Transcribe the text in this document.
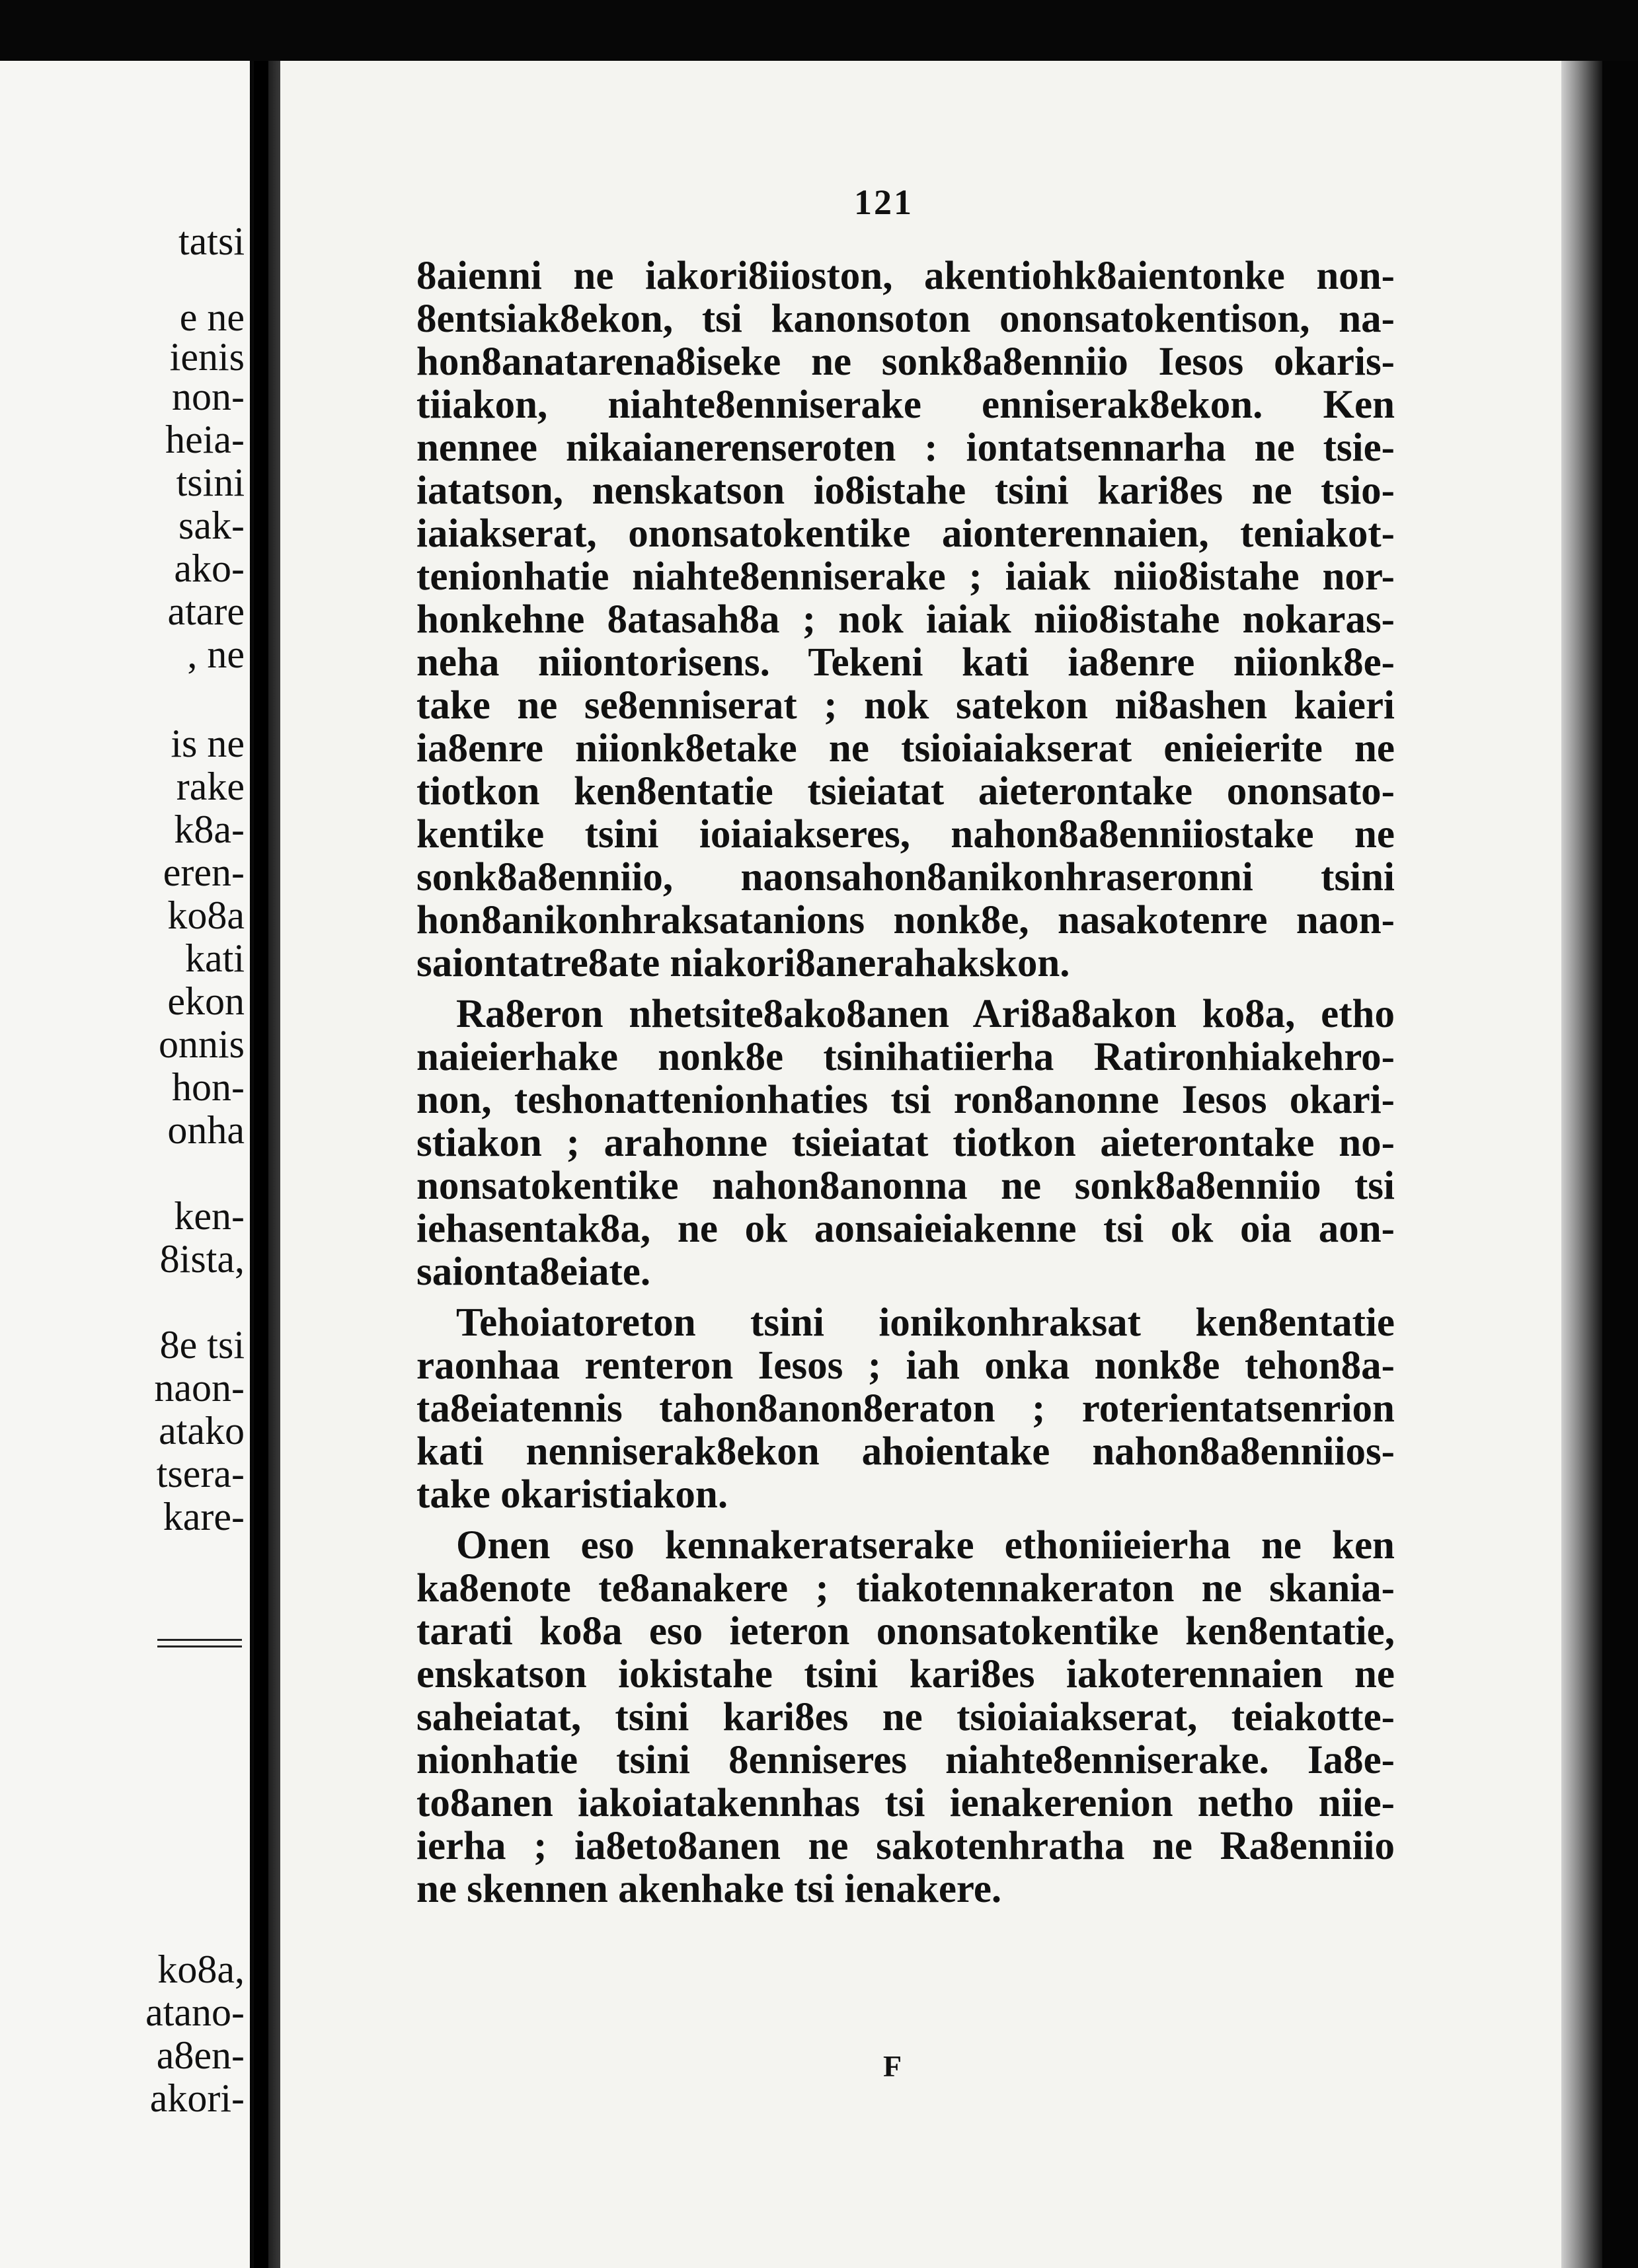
tatsi
e ne
ienis
non-
heia-
tsini
sak-
ako-
atare
, ne
is ne
rake
k8a-
eren-
ko8a
kati
ekon
onnis
hon-
onha
ken-
8ista,
8e tsi
naon-
atako
tsera-
kare-
ko8a,
atano-
a8en-
akori-
121
8aienni ne iakori8iioston, akentiohk8aientonke non-
8entsiak8ekon, tsi kanonsoton ononsatokentison, na-
hon8anatarena8iseke ne sonk8a8enniio Iesos okaris-
tiiakon, niahte8enniserake enniserak8ekon. Ken
nennee nikaianerenseroten : iontatsennarha ne tsie-
iatatson, nenskatson io8istahe tsini kari8es ne tsio-
iaiakserat, ononsatokentike aionterennaien, teniakot-
tenionhatie niahte8enniserake ; iaiak niio8istahe nor-
honkehne 8atasah8a ; nok iaiak niio8istahe nokaras-
neha niiontorisens. Tekeni kati ia8enre niionk8e-
take ne se8enniserat ; nok satekon ni8ashen kaieri
ia8enre niionk8etake ne tsioiaiakserat enieierite ne
tiotkon ken8entatie tsieiatat aieterontake ononsato-
kentike tsini ioiaiakseres, nahon8a8enniiostake ne
sonk8a8enniio, naonsahon8anikonhraseronni tsini
hon8anikonhraksatanions nonk8e, nasakotenre naon-
saiontatre8ate niakori8anerahakskon.
Ra8eron nhetsite8ako8anen Ari8a8akon ko8a, etho
naieierhake nonk8e tsinihatiierha Ratironhiakehro-
non, teshonattenionhaties tsi ron8anonne Iesos okari-
stiakon ; arahonne tsieiatat tiotkon aieterontake no-
nonsatokentike nahon8anonna ne sonk8a8enniio tsi
iehasentak8a, ne ok aonsaieiakenne tsi ok oia aon-
saionta8eiate.
Tehoiatoreton tsini ionikonhraksat ken8entatie
raonhaa renteron Iesos ; iah onka nonk8e tehon8a-
ta8eiatennis tahon8anon8eraton ; roterientatsenrion
kati nenniserak8ekon ahoientake nahon8a8enniios-
take okaristiakon.
Onen eso kennakeratserake ethoniieierha ne ken
ka8enote te8anakere ; tiakotennakeraton ne skania-
tarati ko8a eso ieteron ononsatokentike ken8entatie,
enskatson iokistahe tsini kari8es iakoterennaien ne
saheiatat, tsini kari8es ne tsioiaiakserat, teiakotte-
nionhatie tsini 8enniseres niahte8enniserake. Ia8e-
to8anen iakoiatakennhas tsi ienakerenion netho niie-
ierha ; ia8eto8anen ne sakotenhratha ne Ra8enniio
ne skennen akenhake tsi ienakere.
F
